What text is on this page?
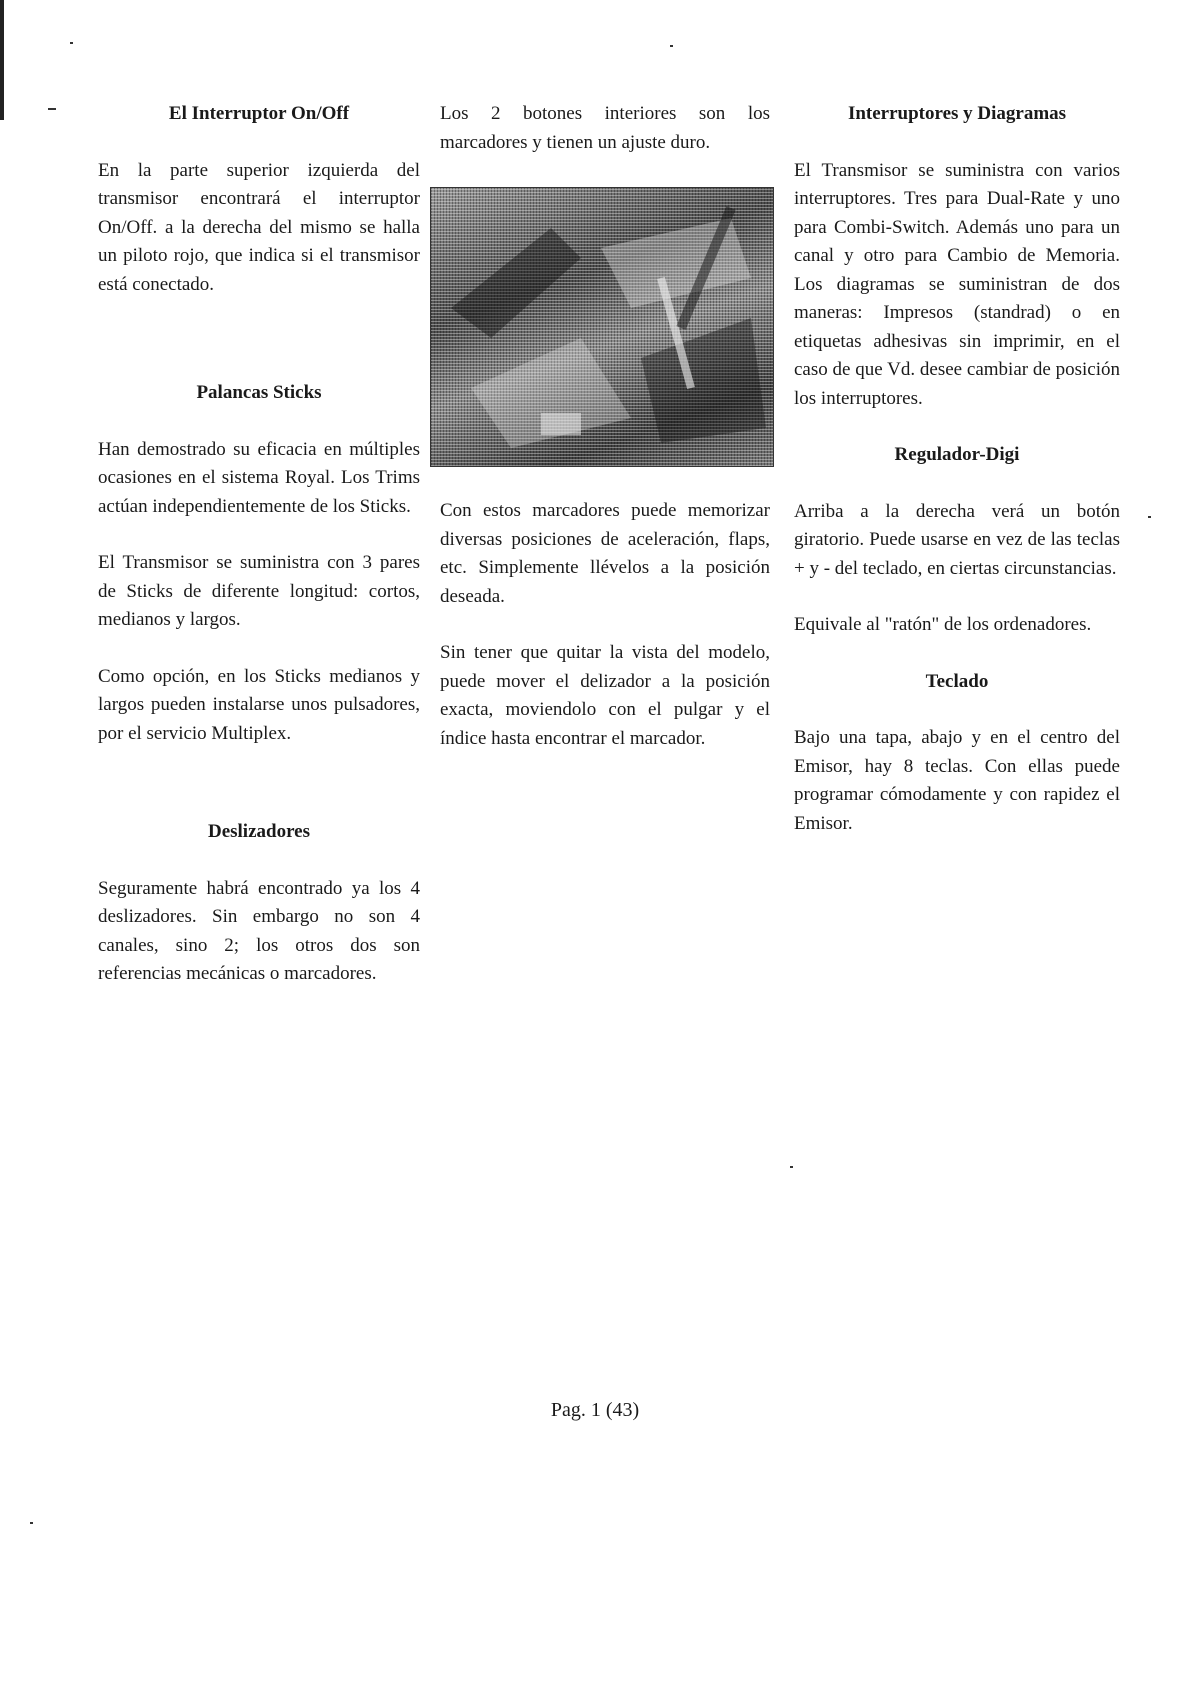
El Interruptor On/Off

En la parte superior izquierda del transmisor encontrará el interruptor On/Off. a la derecha del mismo se halla un piloto rojo, que indica si el transmisor está conectado.

Palancas Sticks

Han demostrado su eficacia en múltiples ocasiones en el sistema Royal. Los Trims actúan independientemente de los Sticks.

El Transmisor se suministra con 3 pares de Sticks de diferente longitud: cortos, medianos y largos.

Como opción, en los Sticks medianos y largos pueden instalarse unos pulsadores, por el servicio Multiplex.

Deslizadores

Seguramente habrá encontrado ya los 4 deslizadores. Sin embargo no son 4 canales, sino 2; los otros dos son referencias mecánicas o marcadores.

Los 2 botones interiores son los marcadores y tienen un ajuste duro.

Con estos marcadores puede memorizar diversas posiciones de aceleración, flaps, etc. Simplemente llévelos a la posición deseada.

Sin tener que quitar la vista del modelo, puede mover el delizador a la posición exacta, moviendolo con el pulgar y el índice hasta encontrar el marcador.

Interruptores y Diagramas

El Transmisor se suministra con varios interruptores. Tres para Dual-Rate y uno para Combi-Switch. Además uno para un canal y otro para Cambio de Memoria. Los diagramas se suministran de dos maneras: Impresos (standrad) o en etiquetas adhesivas sin imprimir, en el caso de que Vd. desee cambiar de posición los interruptores.

Regulador-Digi

Arriba a la derecha verá un botón giratorio. Puede usarse en vez de las teclas + y - del teclado, en ciertas circunstancias.

Equivale al "ratón" de los ordenadores.

Teclado

Bajo una tapa, abajo y en el centro del Emisor, hay 8 teclas. Con ellas puede programar cómodamente y con rapidez el Emisor.

Pag. 1 (43)
